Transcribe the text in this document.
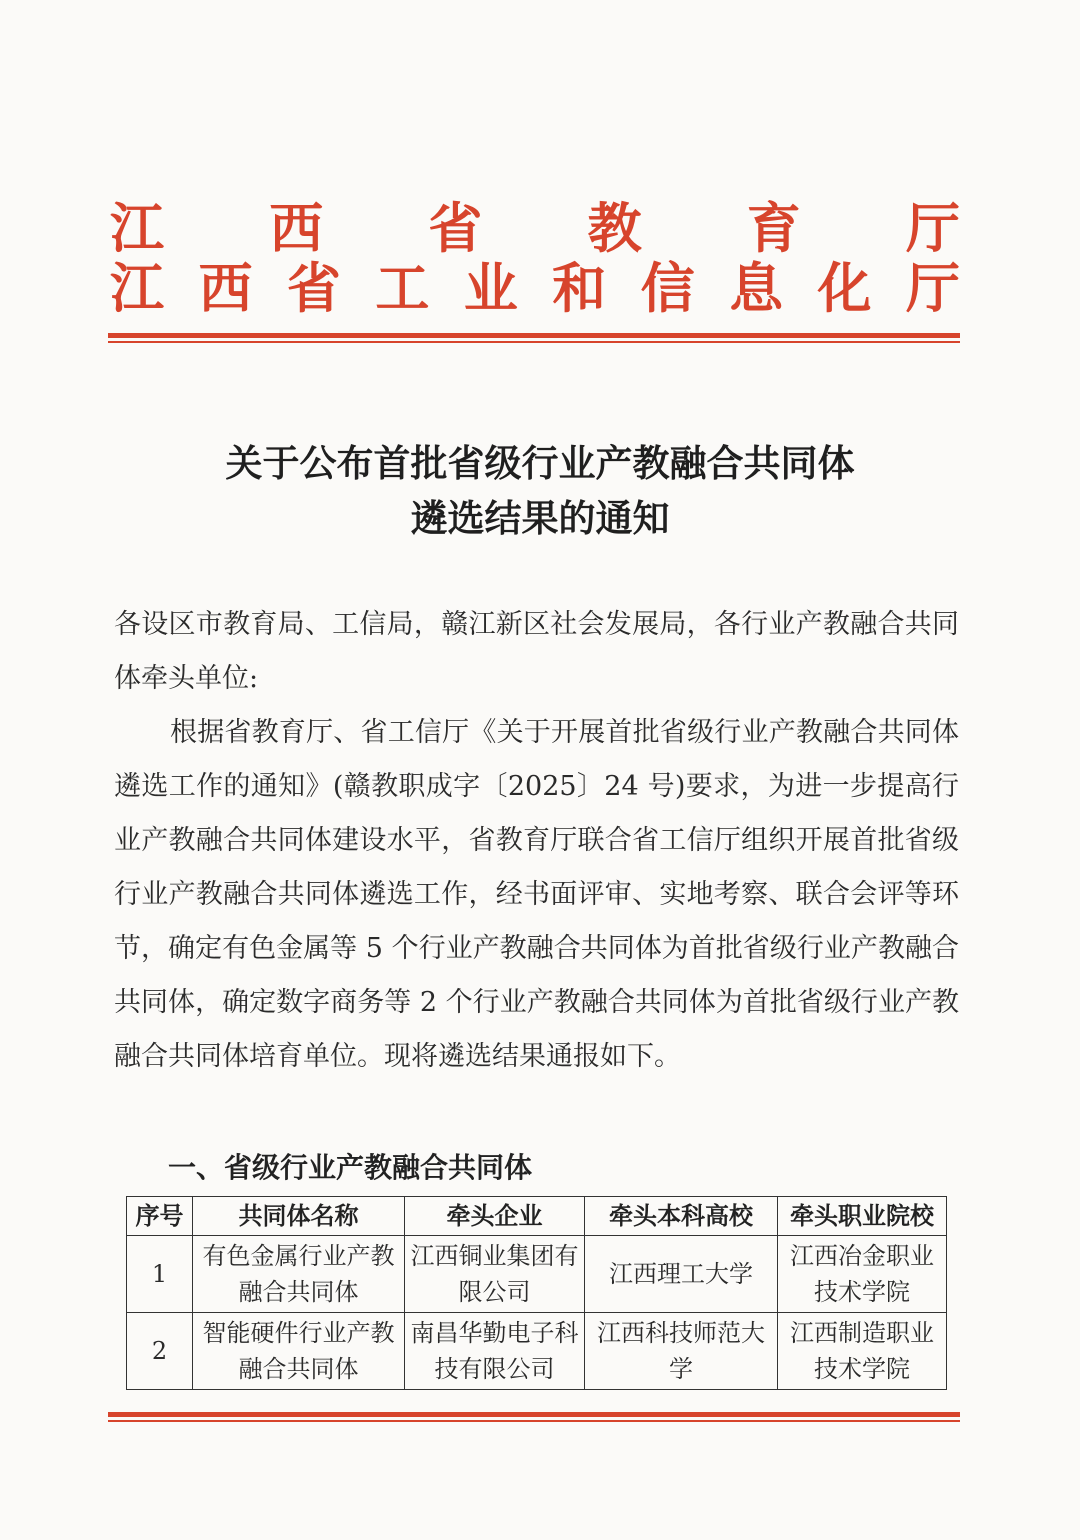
江 西 省 教 育 厅
江 西 省 工 业 和 信 息 化 厅
关于公布首批省级行业产教融合共同体
遴选结果的通知
各设区市教育局、工信局，赣江新区社会发展局，各行业产教融合共同体牵头单位:
根据省教育厅、省工信厅《关于开展首批省级行业产教融合共同体遴选工作的通知》(赣教职成字〔2025〕24 号)要求，为进一步提高行业产教融合共同体建设水平，省教育厅联合省工信厅组织开展首批省级行业产教融合共同体遴选工作，经书面评审、实地考察、联合会评等环节，确定有色金属等 5 个行业产教融合共同体为首批省级行业产教融合共同体，确定数字商务等 2 个行业产教融合共同体为首批省级行业产教融合共同体培育单位。现将遴选结果通报如下。
一、省级行业产教融合共同体
序号	共同体名称	牵头企业	牵头本科高校	牵头职业院校
1	有色金属行业产教融合共同体	江西铜业集团有限公司	江西理工大学	江西冶金职业技术学院
2	智能硬件行业产教融合共同体	南昌华勤电子科技有限公司	江西科技师范大学	江西制造职业技术学院
